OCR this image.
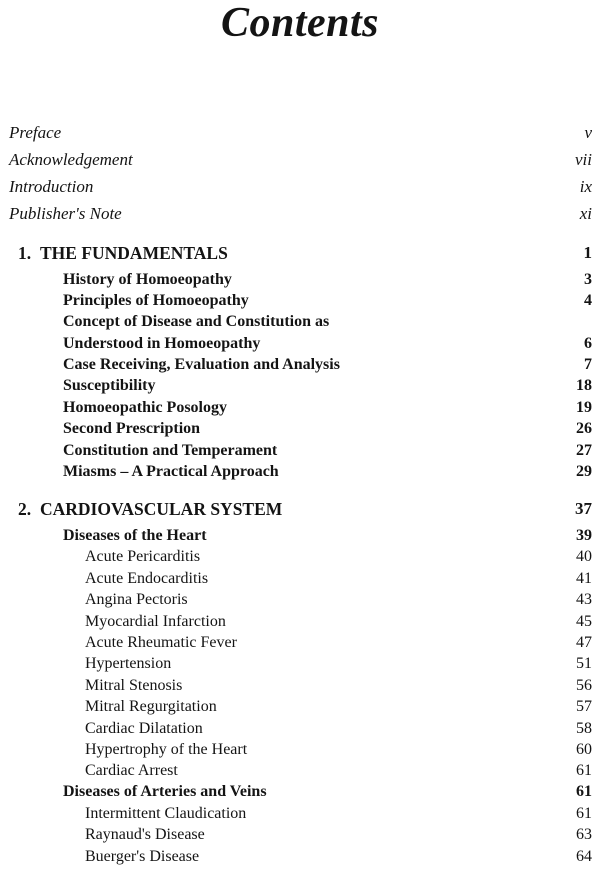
Contents
Preface	v
Acknowledgement	vii
Introduction	ix
Publisher's Note	xi
1. THE FUNDAMENTALS	1
History of Homoeopathy	3
Principles of Homoeopathy	4
Concept of Disease and Constitution as
Understood in Homoeopathy	6
Case Receiving, Evaluation and Analysis	7
Susceptibility	18
Homoeopathic Posology	19
Second Prescription	26
Constitution and Temperament	27
Miasms – A Practical Approach	29
2. CARDIOVASCULAR SYSTEM	37
Diseases of the Heart	39
Acute Pericarditis	40
Acute Endocarditis	41
Angina Pectoris	43
Myocardial Infarction	45
Acute Rheumatic Fever	47
Hypertension	51
Mitral Stenosis	56
Mitral Regurgitation	57
Cardiac Dilatation	58
Hypertrophy of the Heart	60
Cardiac Arrest	61
Diseases of Arteries and Veins	61
Intermittent Claudication	61
Raynaud's Disease	63
Buerger's Disease	64
